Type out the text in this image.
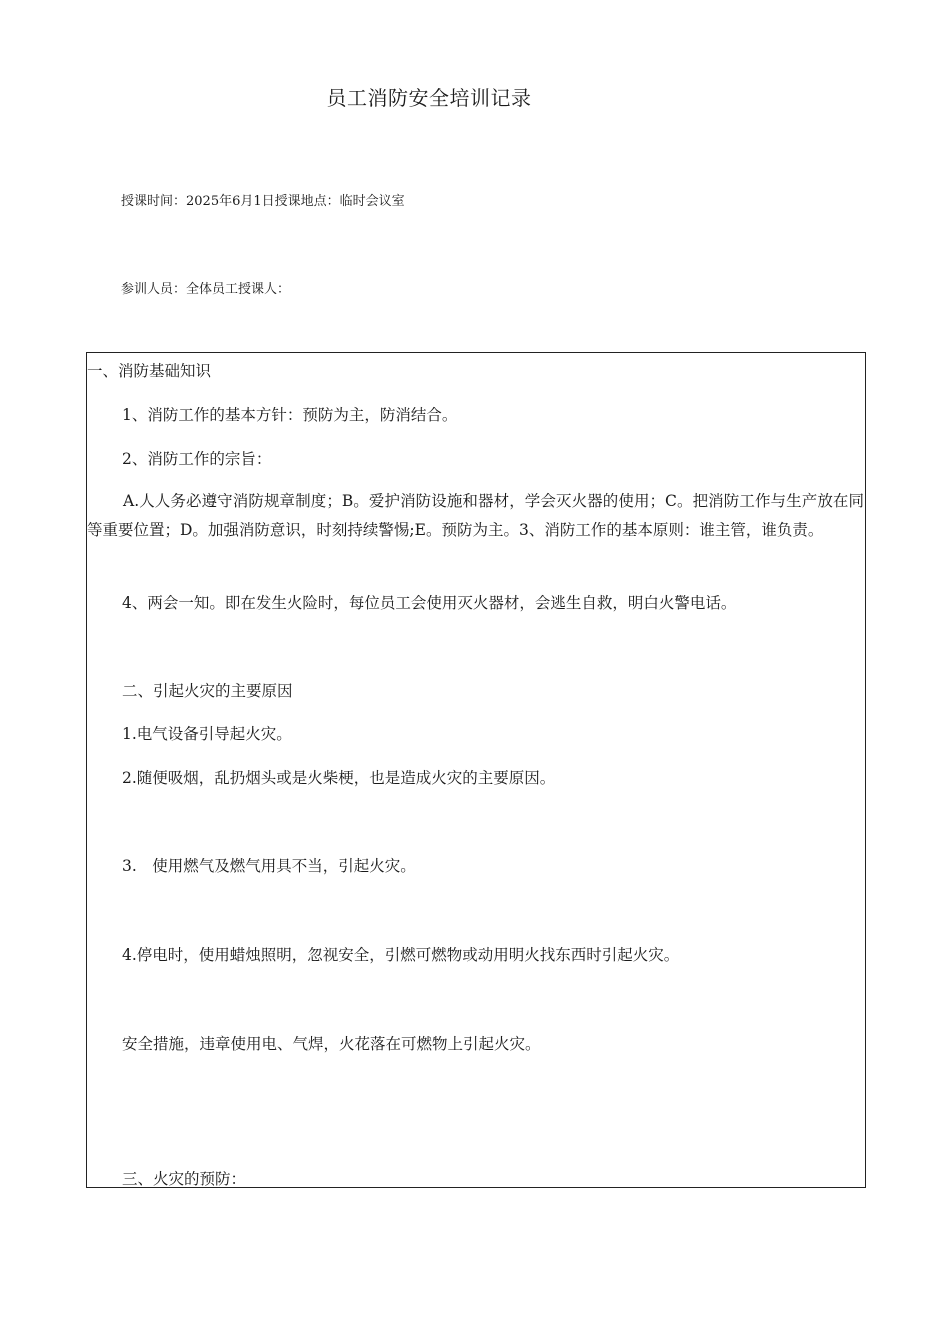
员工消防安全培训记录
授课时间：2025年6月1日授课地点：临时会议室
参训人员：全体员工授课人：
一、消防基础知识
1、消防工作的基本方针：预防为主，防消结合。
2、消防工作的宗旨：
A.人人务必遵守消防规章制度；B。爱护消防设施和器材，学会灭火器的使用；C。把消防工作与生产放在同等重要位置；D。加强消防意识，时刻持续警惕;E。预防为主。3、消防工作的基本原则：谁主管，谁负责。
4、两会一知。即在发生火险时，每位员工会使用灭火器材，会逃生自救，明白火警电话。
二、引起火灾的主要原因
1.电气设备引导起火灾。
2.随便吸烟，乱扔烟头或是火柴梗，也是造成火灾的主要原因。
3.　使用燃气及燃气用具不当，引起火灾。
4.停电时，使用蜡烛照明，忽视安全，引燃可燃物或动用明火找东西时引起火灾。
安全措施，违章使用电、气焊，火花落在可燃物上引起火灾。
三、火灾的预防：
